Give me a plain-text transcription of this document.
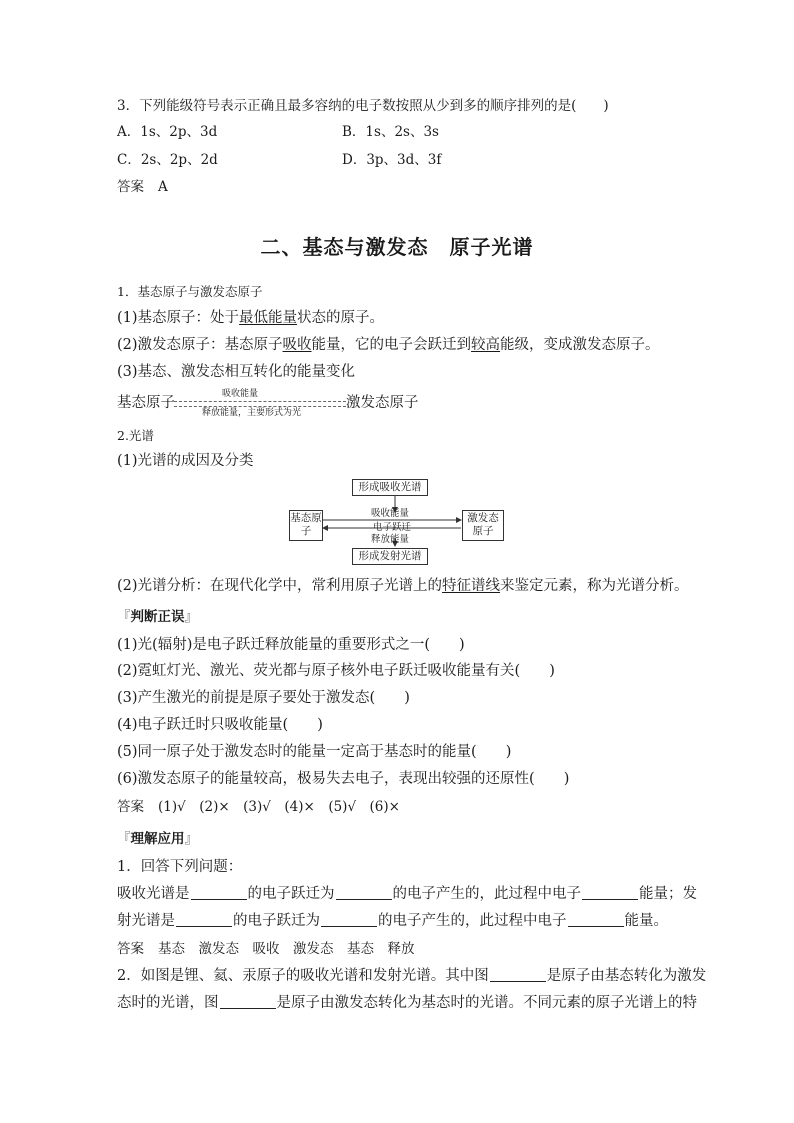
3．下列能级符号表示正确且最多容纳的电子数按照从少到多的顺序排列的是(　　)
A．1s、2p、3d	B．1s、2s、3s
C．2s、2p、2d	D．3p、3d、3f
答案 A
二、基态与激发态　原子光谱
1．基态原子与激发态原子
(1)基态原子：处于最低能量状态的原子。
(2)激发态原子：基态原子吸收能量，它的电子会跃迁到较高能级，变成激发态原子。
(3)基态、激发态相互转化的能量变化
基态原子
吸收能量
释放能量，主要形式为光
激发态原子
2.光谱
(1)光谱的成因及分类
形成吸收光谱
形成发射光谱
基态原子
激发态原子
吸收能量
电子跃迁
释放能量
(2)光谱分析：在现代化学中，常利用原子光谱上的特征谱线来鉴定元素，称为光谱分析。
『判断正误』
(1)光(辐射)是电子跃迁释放能量的重要形式之一(　　)
(2)霓虹灯光、激光、荧光都与原子核外电子跃迁吸收能量有关(　　)
(3)产生激光的前提是原子要处于激发态(　　)
(4)电子跃迁时只吸收能量(　　)
(5)同一原子处于激发态时的能量一定高于基态时的能量(　　)
(6)激发态原子的能量较高，极易失去电子，表现出较强的还原性(　　)
答案 (1)√　(2)×　(3)√　(4)×　(5)√　(6)×
『理解应用』
1．回答下列问题：
吸收光谱是	的电子跃迁为	的电子产生的，此过程中电子	能量；发
射光谱是	的电子跃迁为	的电子产生的，此过程中电子	能量。
答案 基态　激发态　吸收　激发态　基态　释放
2．如图是锂、氦、汞原子的吸收光谱和发射光谱。其中图	是原子由基态转化为激发
态时的光谱，图	是原子由激发态转化为基态时的光谱。不同元素的原子光谱上的特
